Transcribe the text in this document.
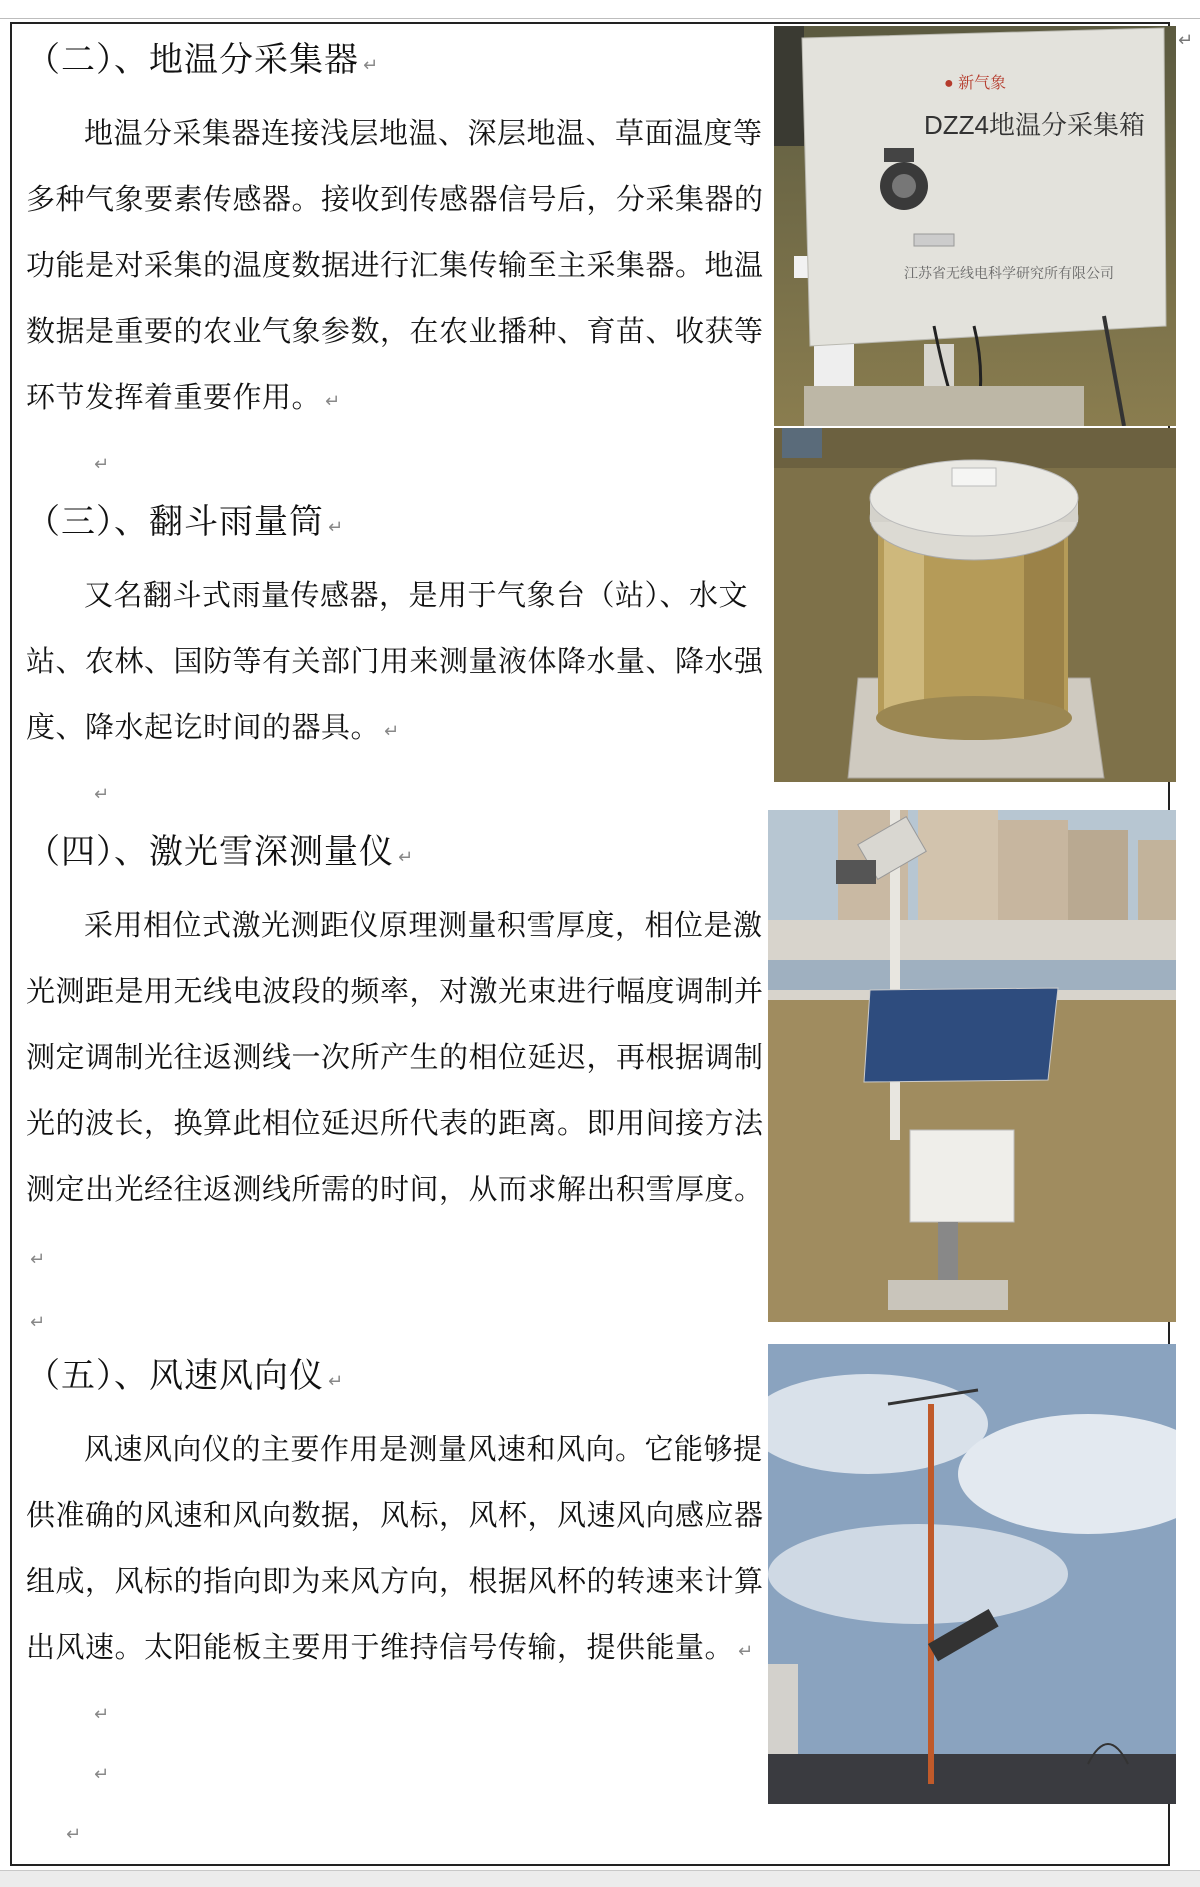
↵
（二）、地温分采集器 ↵

地温分采集器连接浅层地温、深层地温、草面温度等多种气象要素传感器。接收到传感器信号后，分采集器的功能是对采集的温度数据进行汇集传输至主采集器。地温数据是重要的农业气象参数，在农业播种、育苗、收获等环节发挥着重要作用。 ↵

↵
（三）、翻斗雨量筒 ↵

又名翻斗式雨量传感器，是用于气象台（站）、水文站、农林、国防等有关部门用来测量液体降水量、降水强度、降水起讫时间的器具。 ↵

↵
（四）、激光雪深测量仪 ↵

采用相位式激光测距仪原理测量积雪厚度，相位是激光测距是用无线电波段的频率，对激光束进行幅度调制并测定调制光往返测线一次所产生的相位延迟，再根据调制光的波长，换算此相位延迟所代表的距离。即用间接方法测定出光经往返测线所需的时间，从而求解出积雪厚度。↵

↵
（五）、风速风向仪 ↵

风速风向仪的主要作用是测量风速和风向。它能够提供准确的风速和风向数据，风标，风杯，风速风向感应器组成，风标的指向即为来风方向，根据风杯的转速来计算出风速。太阳能板主要用于维持信号传输，提供能量。 ↵

↵
↵
↵
● 新气象
DZZ4地温分采集箱
江苏省无线电科学研究所有限公司
